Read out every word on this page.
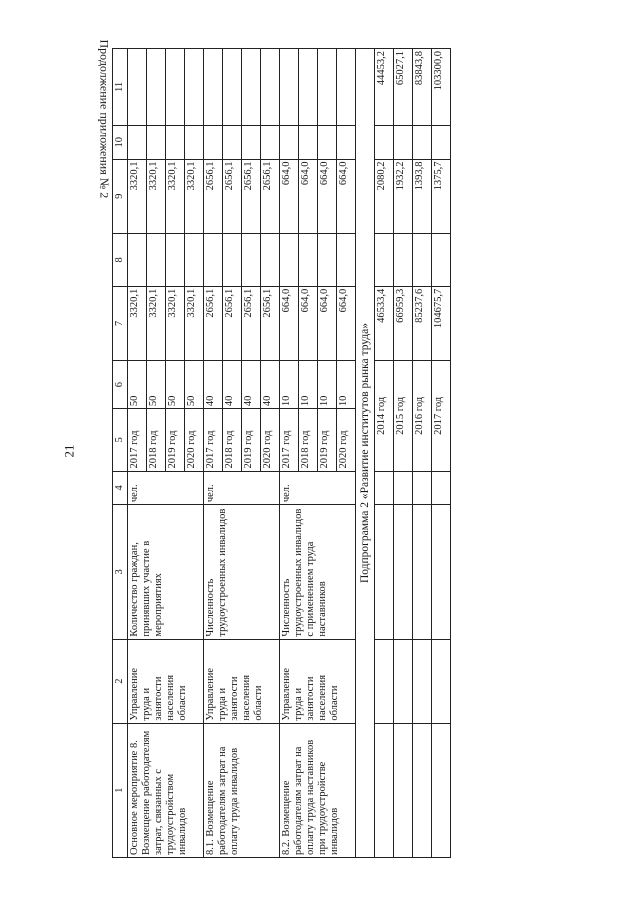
21
Продолжение приложения № 2
1	2	3	4	5	6	7	8	9	10	11
Основное мероприятие 8. Возмещение работодателям затрат, связанных с трудоустройством инвалидов	Управление труда и занятости населения области	Количество граждан, принявших участие в мероприятиях	чел.	2017 год	50	3320,1		3320,1		
				2018 год	50	3320,1		3320,1		
				2019 год	50	3320,1		3320,1		
				2020 год	50	3320,1		3320,1		
8.1. Возмещение работодателям затрат на оплату труда инвалидов	Управление труда и занятости населения области	Численность трудоустроенных инвалидов	чел.	2017 год	40	2656,1		2656,1		
				2018 год	40	2656,1		2656,1		
				2019 год	40	2656,1		2656,1		
				2020 год	40	2656,1		2656,1		
8.2. Возмещение работодателям затрат на оплату труда наставников при трудоустройстве инвалидов	Управление труда и занятости населения области	Численность трудоустроенных инвалидов с применением труда наставников	чел.	2017 год	10	664,0		664,0		
				2018 год	10	664,0		664,0		
				2019 год	10	664,0		664,0		
				2020 год	10	664,0		664,0		
Подпрограмма 2 «Развитие институтов рынка труда»										
				2014 год		46533,4		2080,2		44453,2
				2015 год		66959,3		1932,2		65027,1
				2016 год		85237,6		1393,8		83843,8
				2017 год		104675,7		1375,7		103300,0
